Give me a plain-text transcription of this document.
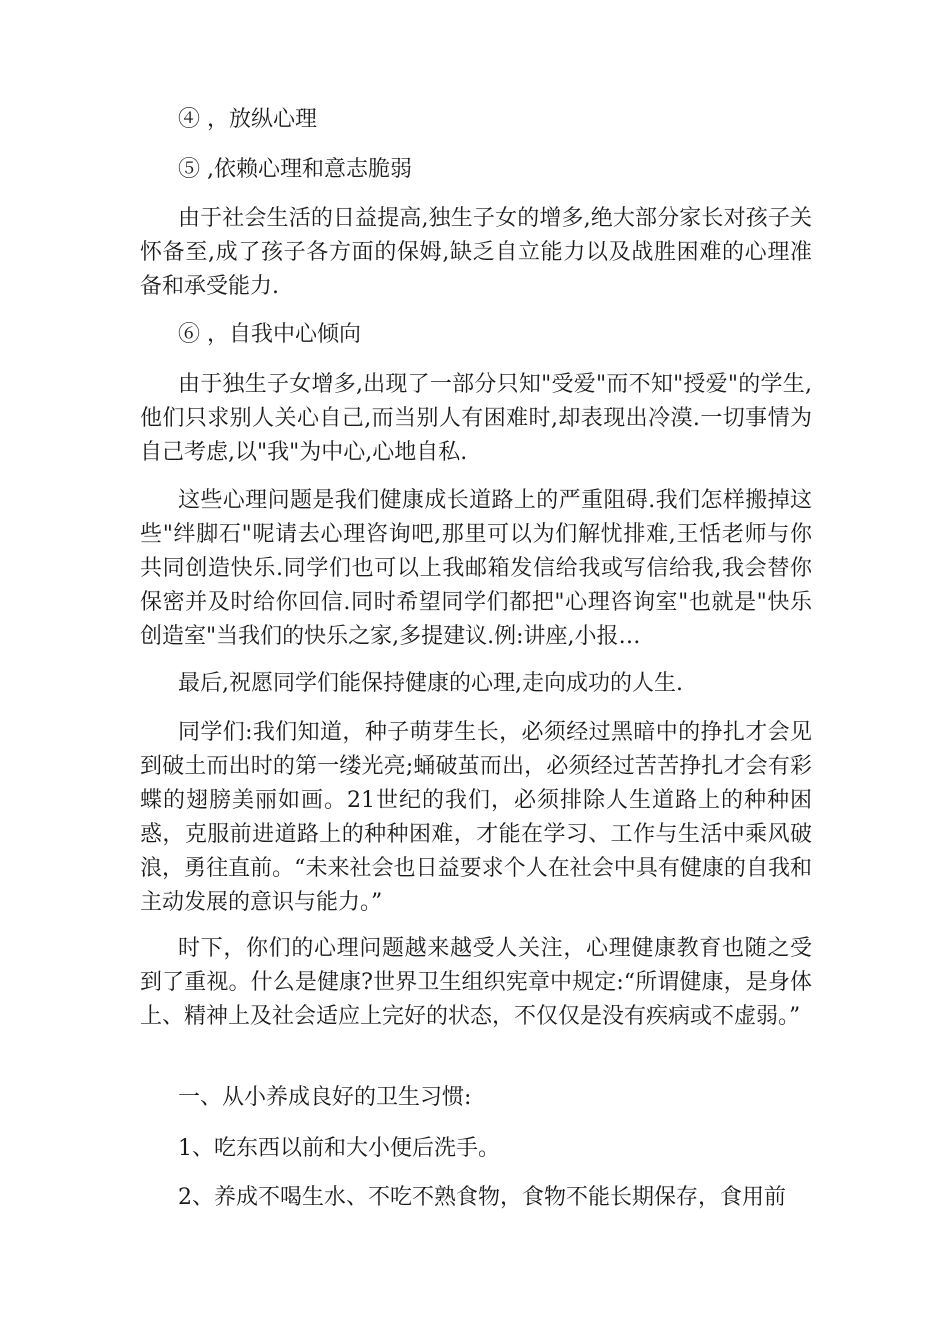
④ ，放纵心理

⑤ ,依赖心理和意志脆弱

由于社会生活的日益提高,独生子女的增多,绝大部分家长对孩子关怀备至,成了孩子各方面的保姆,缺乏自立能力以及战胜困难的心理准备和承受能力.

⑥ ，自我中心倾向

由于独生子女增多,出现了一部分只知"受爱"而不知"授爱"的学生,他们只求别人关心自己,而当别人有困难时,却表现出冷漠.一切事情为自己考虑,以"我"为中心,心地自私.

这些心理问题是我们健康成长道路上的严重阻碍.我们怎样搬掉这些"绊脚石"呢请去心理咨询吧,那里可以为们解忧排难,王恬老师与你共同创造快乐.同学们也可以上我邮箱发信给我或写信给我,我会替你保密并及时给你回信.同时希望同学们都把"心理咨询室"也就是"快乐创造室"当我们的快乐之家,多提建议.例:讲座,小报…

最后,祝愿同学们能保持健康的心理,走向成功的人生.

同学们:我们知道，种子萌芽生长，必须经过黑暗中的挣扎才会见到破土而出时的第一缕光亮;蛹破茧而出，必须经过苦苦挣扎才会有彩蝶的翅膀美丽如画。21世纪的我们，必须排除人生道路上的种种困惑，克服前进道路上的种种困难，才能在学习、工作与生活中乘风破浪，勇往直前。“未来社会也日益要求个人在社会中具有健康的自我和主动发展的意识与能力。”

时下，你们的心理问题越来越受人关注，心理健康教育也随之受到了重视。什么是健康?世界卫生组织宪章中规定:“所谓健康，是身体上、精神上及社会适应上完好的状态，不仅仅是没有疾病或不虚弱。”

一、从小养成良好的卫生习惯:

1、吃东西以前和大小便后洗手。

2、养成不喝生水、不吃不熟食物，食物不能长期保存，食用前
